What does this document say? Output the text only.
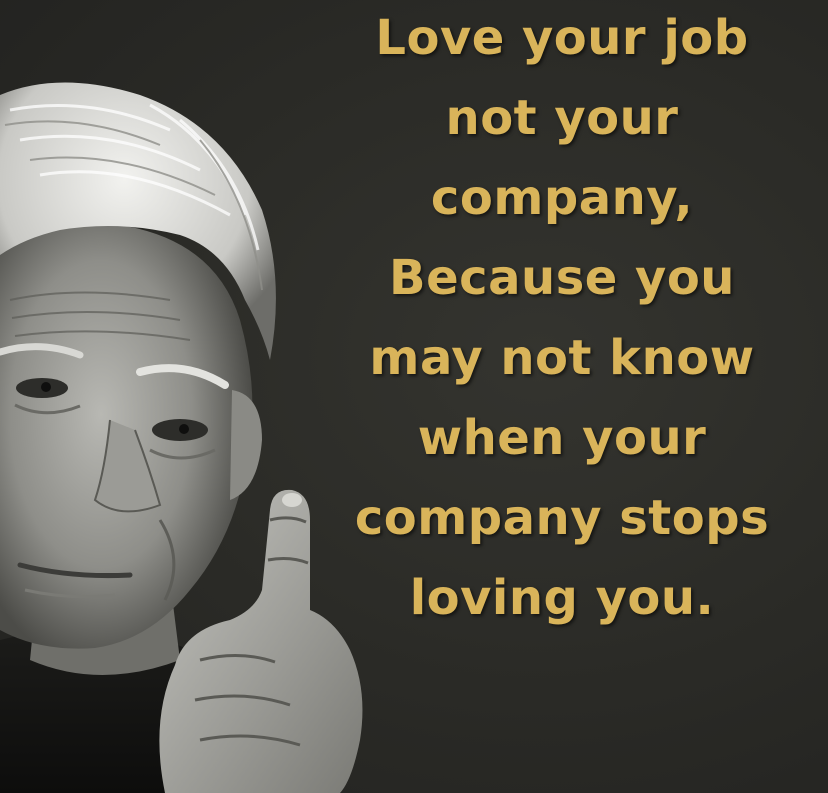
Love your job
not your
company,
Because you
may not know
when your
company stops
loving you.
